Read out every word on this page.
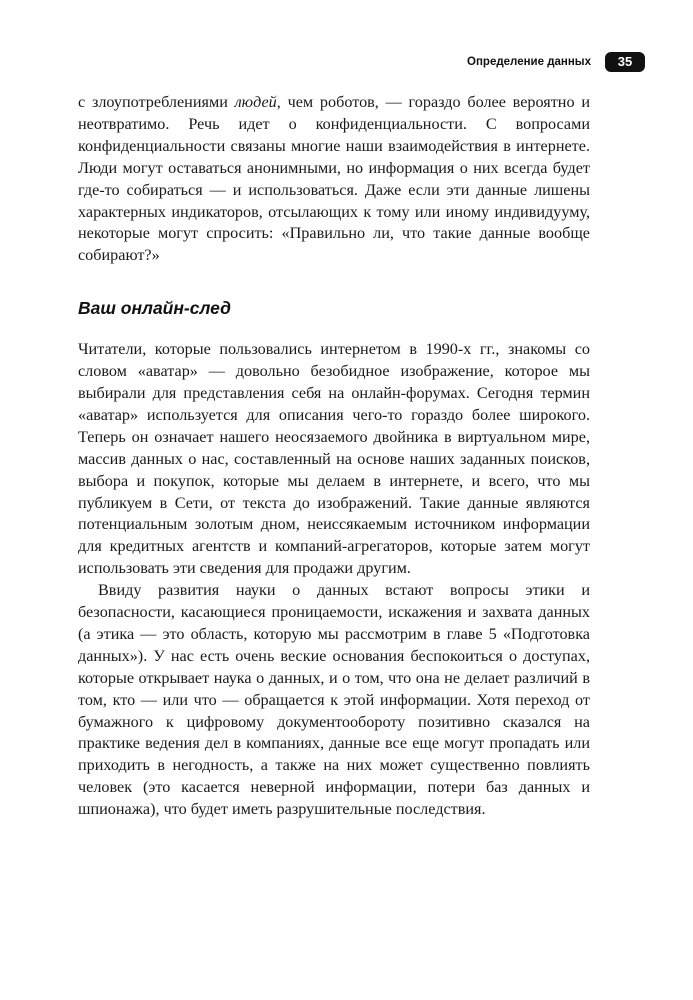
Определение данных	35

с злоупотреблениями людей, чем роботов, — гораздо более вероятно и неотвратимо. Речь идет о конфиденциальности. С вопросами конфиденциальности связаны многие наши взаимодействия в интернете. Люди могут оставаться анонимными, но информация о них всегда будет где-то собираться — и использоваться. Даже если эти данные лишены характерных индикаторов, отсылающих к тому или иному индивидууму, некоторые могут спросить: «Правильно ли, что такие данные вообще собирают?»

Ваш онлайн-след

Читатели, которые пользовались интернетом в 1990-х гг., знакомы со словом «аватар» — довольно безобидное изображение, которое мы выбирали для представления себя на онлайн-форумах. Сегодня термин «аватар» используется для описания чего-то гораздо более широкого. Теперь он означает нашего неосязаемого двойника в виртуальном мире, массив данных о нас, составленный на основе наших заданных поисков, выбора и покупок, которые мы делаем в интернете, и всего, что мы публикуем в Сети, от текста до изображений. Такие данные являются потенциальным золотым дном, неиссякаемым источником информации для кредитных агентств и компаний-агрегаторов, которые затем могут использовать эти сведения для продажи другим.

Ввиду развития науки о данных встают вопросы этики и безопасности, касающиеся проницаемости, искажения и захвата данных (а этика — это область, которую мы рассмотрим в главе 5 «Подготовка данных»). У нас есть очень веские основания беспокоиться о доступах, которые открывает наука о данных, и о том, что она не делает различий в том, кто — или что — обращается к этой информации. Хотя переход от бумажного к цифровому документообороту позитивно сказался на практике ведения дел в компаниях, данные все еще могут пропадать или приходить в негодность, а также на них может существенно повлиять человек (это касается неверной информации, потери баз данных и шпионажа), что будет иметь разрушительные последствия.
